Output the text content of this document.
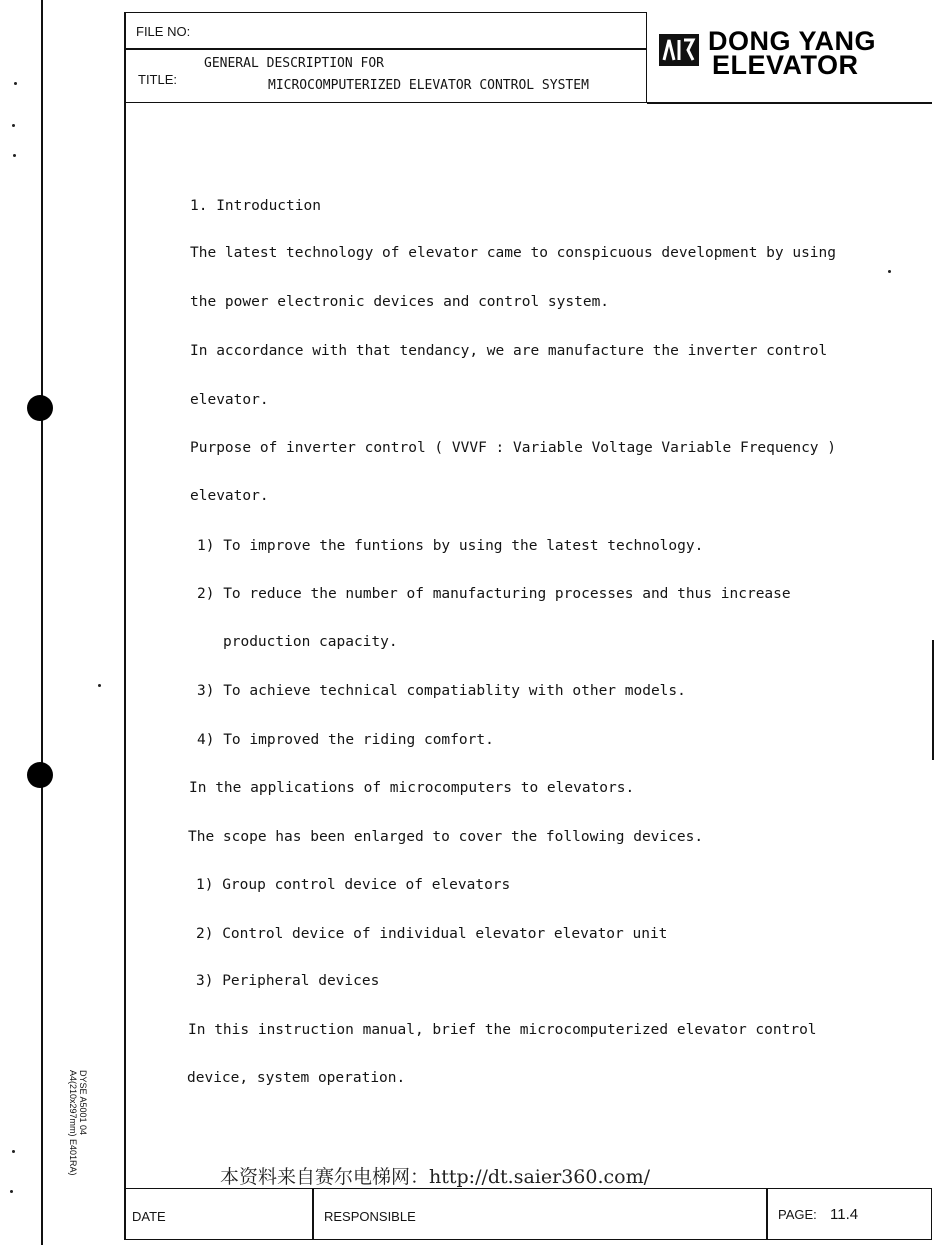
FILE NO:
TITLE:
GENERAL DESCRIPTION FOR
MICROCOMPUTERIZED ELEVATOR CONTROL SYSTEM
DONG YANG
ELEVATOR
1. Introduction
The latest technology of elevator came to conspicuous development by using
the power electronic devices and control system.
In accordance with that tendancy, we are manufacture the inverter control
elevator.
Purpose of inverter control ( VVVF : Variable Voltage Variable Frequency )
elevator.
1) To improve the funtions by using the latest technology.
2) To reduce the number of manufacturing processes and thus increase
production capacity.
3) To achieve technical compatiablity with other models.
4) To improved the riding comfort.
In the applications of microcomputers to elevators.
The scope has been enlarged to cover the following devices.
1) Group control device of elevators
2) Control device of individual elevator elevator unit
3) Peripheral devices
In this instruction manual, brief the microcomputerized elevator control
device, system operation.
本资料来自赛尔电梯网：http://dt.saier360.com/
DYSE A5001 04
A4(210x297mm) E401RA)
DATE	RESPONSIBLE	PAGE: 11.4
